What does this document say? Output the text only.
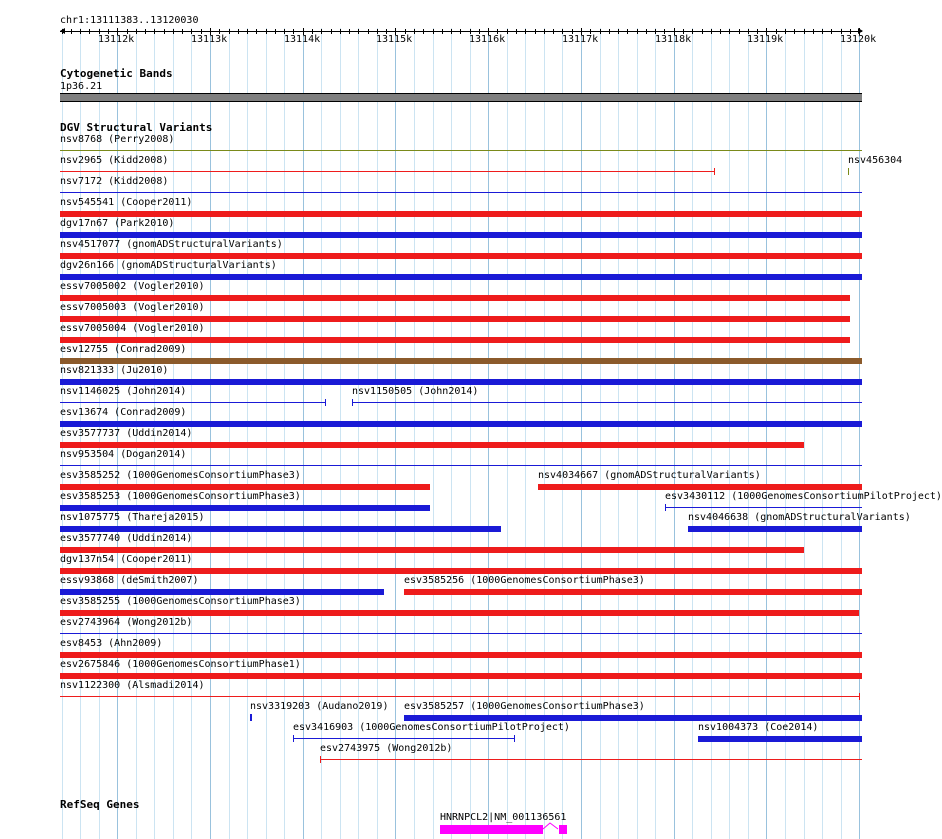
chr1:13111383..13120030
13112k	13113k	13114k	13115k	13116k	13117k	13118k	13119k	13120k
Cytogenetic Bands
1p36.21
DGV Structural Variants
nsv8768 (Perry2008)
nsv2965 (Kidd2008)	nsv456304
nsv7172 (Kidd2008)
nsv545541 (Cooper2011)
dgv17n67 (Park2010)
nsv4517077 (gnomADStructuralVariants)
dgv26n166 (gnomADStructuralVariants)
essv7005002 (Vogler2010)
essv7005003 (Vogler2010)
essv7005004 (Vogler2010)
esv12755 (Conrad2009)
nsv821333 (Ju2010)
nsv1146025 (John2014)	nsv1150505 (John2014)
esv13674 (Conrad2009)
esv3577737 (Uddin2014)
nsv953504 (Dogan2014)
esv3585252 (1000GenomesConsortiumPhase3)	nsv4034667 (gnomADStructuralVariants)
esv3585253 (1000GenomesConsortiumPhase3)	esv3430112 (1000GenomesConsortiumPilotProject)
nsv1075775 (Thareja2015)	nsv4046638 (gnomADStructuralVariants)
esv3577740 (Uddin2014)
dgv137n54 (Cooper2011)
essv93868 (deSmith2007)	esv3585256 (1000GenomesConsortiumPhase3)
esv3585255 (1000GenomesConsortiumPhase3)
esv2743964 (Wong2012b)
esv8453 (Ahn2009)
esv2675846 (1000GenomesConsortiumPhase1)
nsv1122300 (Alsmadi2014)
nsv3319203 (Audano2019) esv3585257 (1000GenomesConsortiumPhase3)
esv3416903 (1000GenomesConsortiumPilotProject)	nsv1004373 (Coe2014)
esv2743975 (Wong2012b)
RefSeq Genes
HNRNPCL2|NM_001136561
